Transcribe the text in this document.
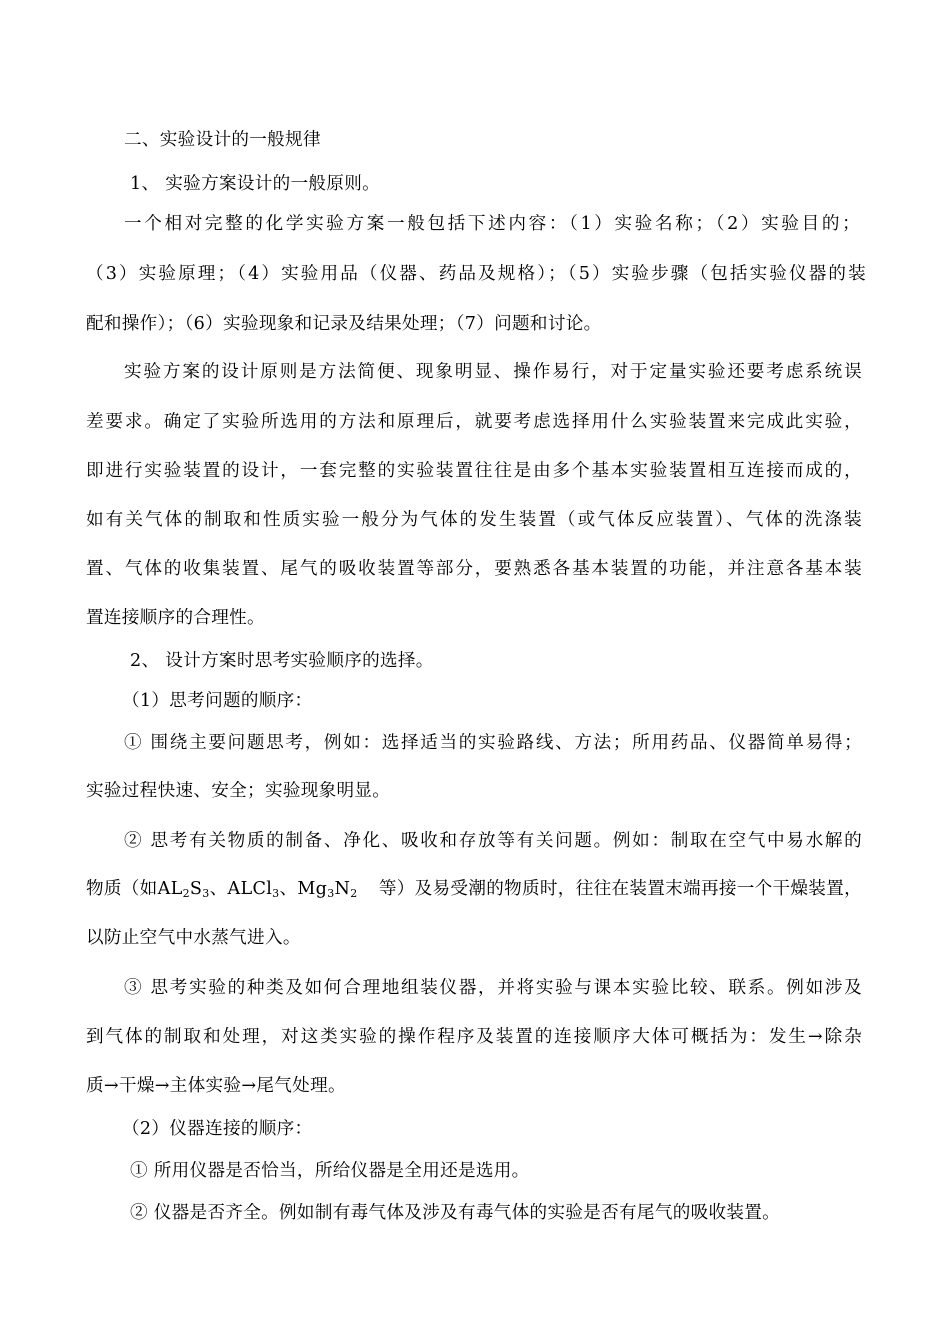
二、实验设计的一般规律
1、 实验方案设计的一般原则。
一个相对完整的化学实验方案一般包括下述内容：（1）实验名称；（2）实验目的；
（3）实验原理；（4）实验用品（仪器、药品及规格）；（5）实验步骤（包括实验仪器的装
配和操作）；（6）实验现象和记录及结果处理；（7）问题和讨论。
实验方案的设计原则是方法简便、现象明显、操作易行，对于定量实验还要考虑系统误
差要求。确定了实验所选用的方法和原理后，就要考虑选择用什么实验装置来完成此实验，
即进行实验装置的设计，一套完整的实验装置往往是由多个基本实验装置相互连接而成的，
如有关气体的制取和性质实验一般分为气体的发生装置（或气体反应装置）、气体的洗涤装
置、气体的收集装置、尾气的吸收装置等部分，要熟悉各基本装置的功能，并注意各基本装
置连接顺序的合理性。
2、 设计方案时思考实验顺序的选择。
（1）思考问题的顺序：
① 围绕主要问题思考，例如：选择适当的实验路线、方法；所用药品、仪器简单易得；
实验过程快速、安全；实验现象明显。
② 思考有关物质的制备、净化、吸收和存放等有关问题。例如：制取在空气中易水解的
物质（如$AL_2S_3$、ALCl$_3$、$Mg_3N_2$ 等）及易受潮的物质时，往往在装置末端再接一个干燥装置，
以防止空气中水蒸气进入。
③ 思考实验的种类及如何合理地组装仪器，并将实验与课本实验比较、联系。例如涉及
到气体的制取和处理，对这类实验的操作程序及装置的连接顺序大体可概括为：发生→除杂
质→干燥→主体实验→尾气处理。
（2）仪器连接的顺序：
① 所用仪器是否恰当，所给仪器是全用还是选用。
② 仪器是否齐全。例如制有毒气体及涉及有毒气体的实验是否有尾气的吸收装置。
